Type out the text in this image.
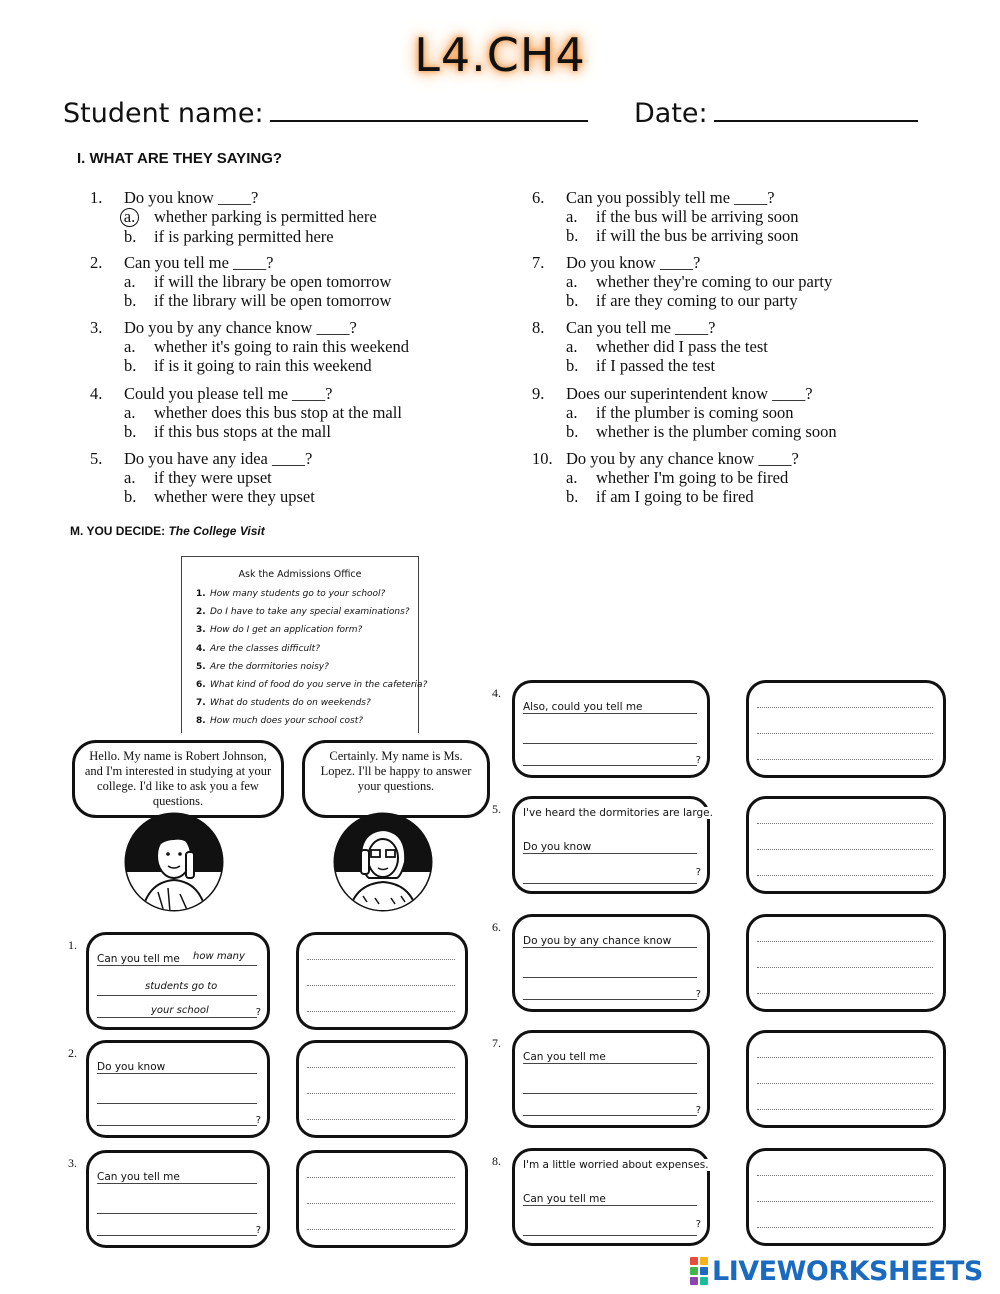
L4.CH4
Student name:	Date:
I. WHAT ARE THEY SAYING?
M. YOU DECIDE: The College Visit
Ask the Admissions Office
1. How many students go to your school?
2. Do I have to take any special examinations?
3. How do I get an application form?
4. Are the classes difficult?
5. Are the dormitories noisy?
6. What kind of food do you serve in the cafeteria?
7. What do students do on weekends?
8. How much does your school cost?
Hello. My name is Robert Johnson, and I'm interested in studying at your college. I'd like to ask you a few questions.
Certainly. My name is Ms. Lopez. I'll be happy to answer your questions.
1.
Can you tell me how many
students go to
your school	?
2.
Do you know
?
3.
Can you tell me
?
4.
Also, could you tell me
?
5. I've heard the dormitories are large.
Do you know
?
6.
Do you by any chance know
?
7.
Can you tell me
?
8. I'm a little worried about expenses.
Can you tell me
?
LIVEWORKSHEETS
1. Do you know ____?
a. whether parking is permitted here
b. if is parking permitted here
2. Can you tell me ____?
a. if will the library be open tomorrow
b. if the library will be open tomorrow
3. Do you by any chance know ____?
a. whether it's going to rain this weekend
b. if is it going to rain this weekend
4. Could you please tell me ____?
a. whether does this bus stop at the mall
b. if this bus stops at the mall
5. Do you have any idea ____?
a. if they were upset
b. whether were they upset
6. Can you possibly tell me ____?
a. if the bus will be arriving soon
b. if will the bus be arriving soon
7. Do you know ____?
a. whether they're coming to our party
b. if are they coming to our party
8. Can you tell me ____?
a. whether did I pass the test
b. if I passed the test
9. Does our superintendent know ____?
a. if the plumber is coming soon
b. whether is the plumber coming soon
10. Do you by any chance know ____?
a. whether I'm going to be fired
b. if am I going to be fired
